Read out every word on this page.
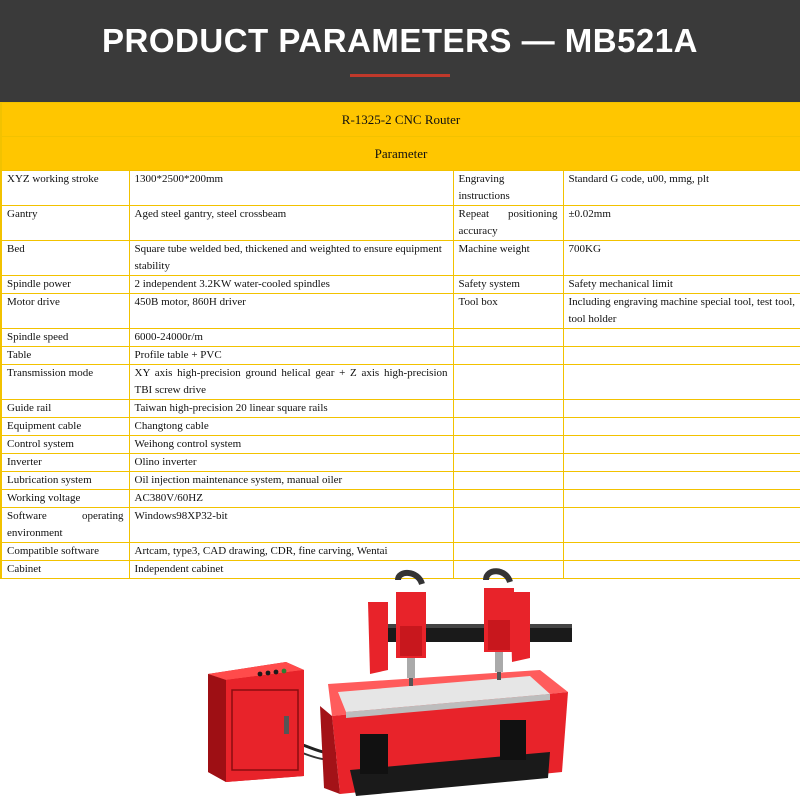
PRODUCT PARAMETERS — MB521A
R-1325-2 CNC Router			
Parameter			
XYZ working stroke	1300*2500*200mm	Engraving instructions	Standard G code, u00, mmg, plt
Gantry	Aged steel gantry, steel crossbeam	Repeat positioning accuracy	±0.02mm
Bed	Square tube welded bed, thickened and weighted to ensure equipment stability	Machine weight	700KG
Spindle power	2 independent 3.2KW water-cooled spindles	Safety system	Safety mechanical limit
Motor drive	450B motor, 860H driver	Tool box	Including engraving machine special tool, test tool, tool holder
Spindle speed	6000-24000r/m		
Table	Profile table + PVC		
Transmission mode	XY axis high-precision ground helical gear + Z axis high-precision TBI screw drive		
Guide rail	Taiwan high-precision 20 linear square rails		
Equipment cable	Changtong cable		
Control system	Weihong control system		
Inverter	Olino inverter		
Lubrication system	Oil injection maintenance system, manual oiler		
Working voltage	AC380V/60HZ		
Software operating environment	Windows98XP32-bit		
Compatible software	Artcam, type3, CAD drawing, CDR, fine carving, Wentai		
Cabinet	Independent cabinet		
